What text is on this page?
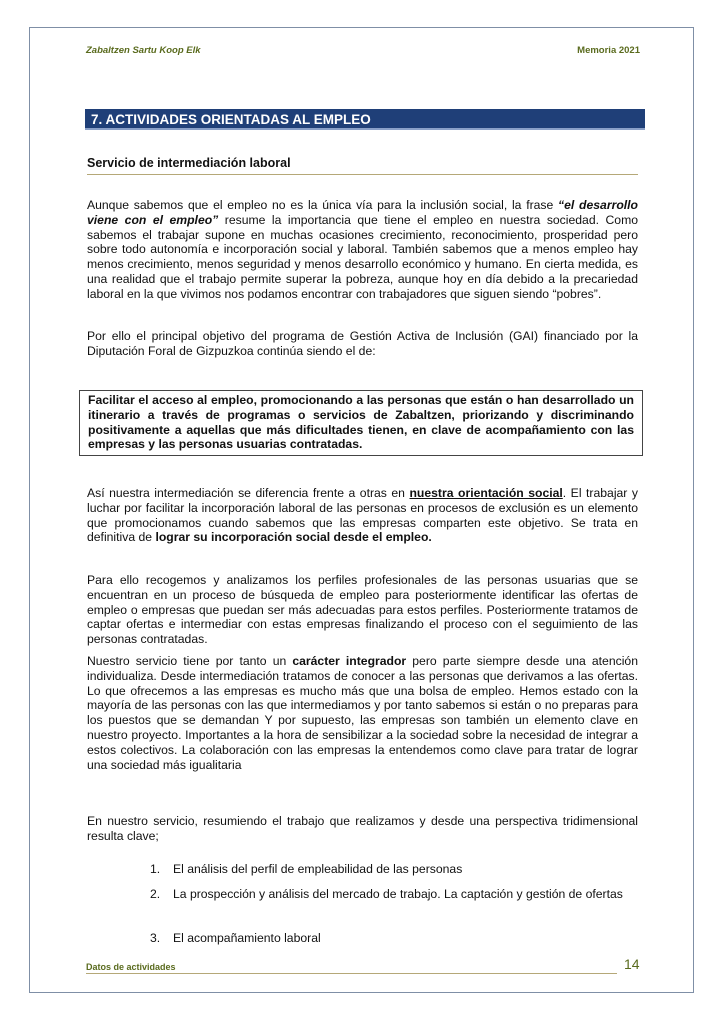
Zabaltzen Sartu Koop Elk	Memoria 2021
7. ACTIVIDADES ORIENTADAS AL EMPLEO
Servicio de intermediación laboral

Aunque sabemos que el empleo no es la única vía para la inclusión social, la frase “el desarrollo viene con el empleo” resume la importancia que tiene el empleo en nuestra sociedad. Como sabemos el trabajar supone en muchas ocasiones crecimiento, reconocimiento, prosperidad pero sobre todo autonomía e incorporación social y laboral. También sabemos que a menos empleo hay menos crecimiento, menos seguridad y menos desarrollo económico y humano. En cierta medida, es una realidad que el trabajo permite superar la pobreza, aunque hoy en día debido a la precariedad laboral en la que vivimos nos podamos encontrar con trabajadores que siguen siendo “pobres”.

Por ello el principal objetivo del programa de Gestión Activa de Inclusión (GAI) financiado por la Diputación Foral de Gizpuzkoa continúa siendo el de:

Facilitar el acceso al empleo, promocionando a las personas que están o han desarrollado un itinerario a través de programas o servicios de Zabaltzen, priorizando y discriminando positivamente a aquellas que más dificultades tienen, en clave de acompañamiento con las empresas y las personas usuarias contratadas.

Así nuestra intermediación se diferencia frente a otras en nuestra orientación social. El trabajar y luchar por facilitar la incorporación laboral de las personas en procesos de exclusión es un elemento que promocionamos cuando sabemos que las empresas comparten este objetivo. Se trata en definitiva de lograr su incorporación social desde el empleo.

Para ello recogemos y analizamos los perfiles profesionales de las personas usuarias que se encuentran en un proceso de búsqueda de empleo para posteriormente identificar las ofertas de empleo o empresas que puedan ser más adecuadas para estos perfiles. Posteriormente tratamos de captar ofertas e intermediar con estas empresas finalizando el proceso con el seguimiento de las personas contratadas.

Nuestro servicio tiene por tanto un carácter integrador pero parte siempre desde una atención individualiza. Desde intermediación tratamos de conocer a las personas que derivamos a las ofertas. Lo que ofrecemos a las empresas es mucho más que una bolsa de empleo. Hemos estado con la mayoría de las personas con las que intermediamos y por tanto sabemos si están o no preparas para los puestos que se demandan Y por supuesto, las empresas son también un elemento clave en nuestro proyecto. Importantes a la hora de sensibilizar a la sociedad sobre la necesidad de integrar a estos colectivos. La colaboración con las empresas la entendemos como clave para tratar de lograr una sociedad más igualitaria

En nuestro servicio, resumiendo el trabajo que realizamos y desde una perspectiva tridimensional resulta clave;

1. El análisis del perfil de empleabilidad de las personas
2. La prospección y análisis del mercado de trabajo. La captación y gestión de ofertas
3. El acompañamiento laboral
Datos de actividades	14
